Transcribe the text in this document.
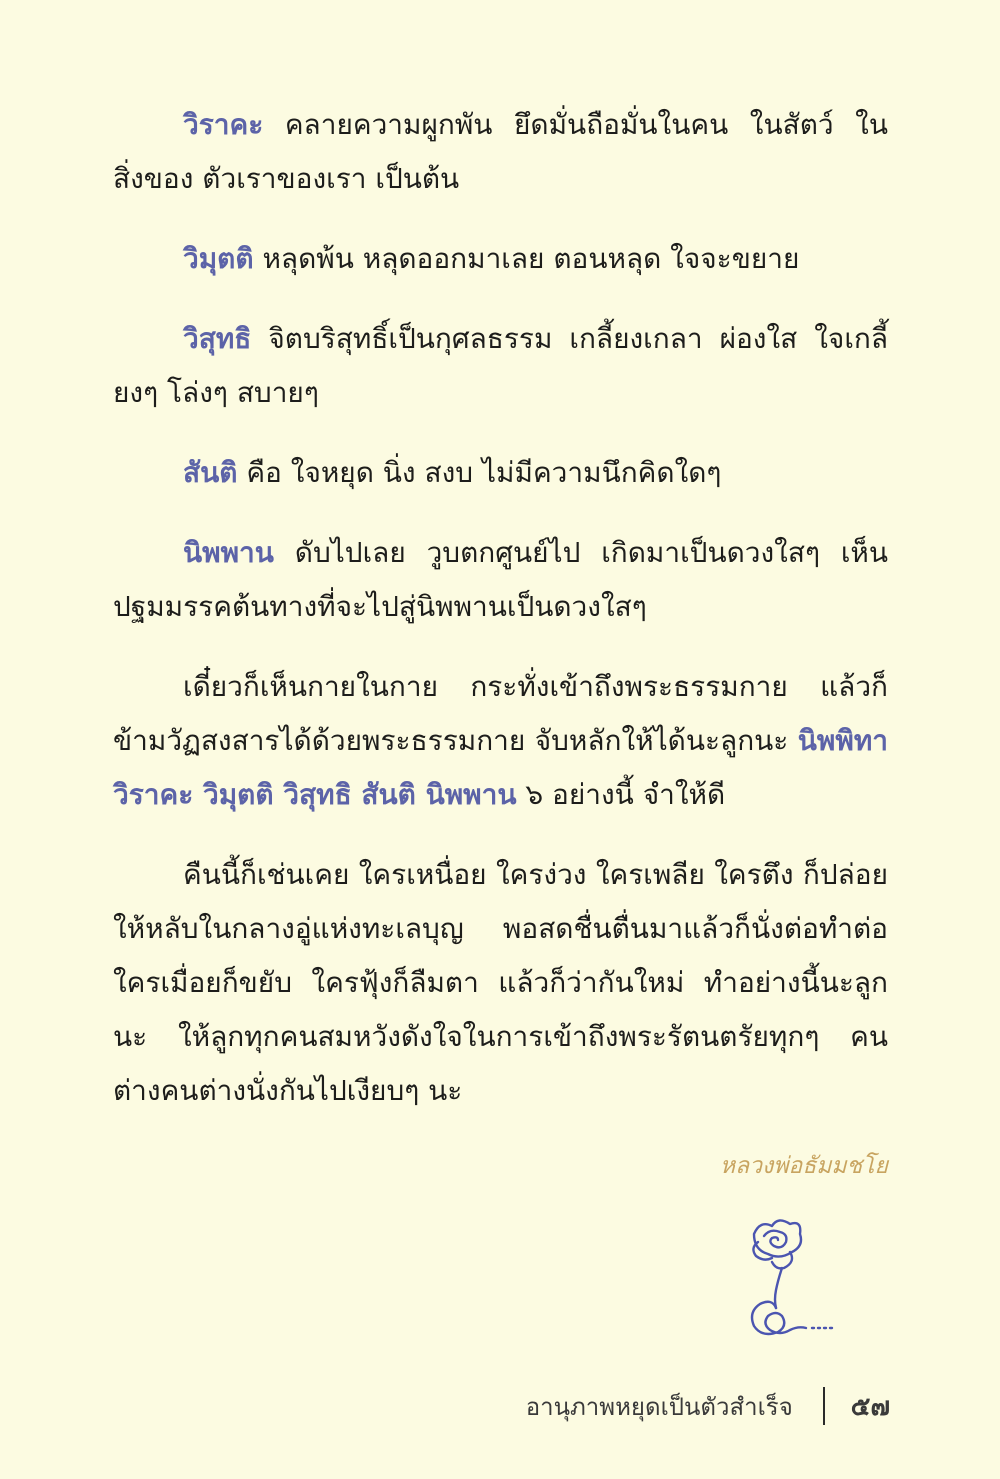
วิราคะ คลายความผูกพัน ยึดมั่นถือมั่นในคน ในสัตว์ ในสิ่งของ ตัวเราของเรา เป็นต้น

วิมุตติ หลุดพ้น หลุดออกมาเลย ตอนหลุด ใจจะขยาย

วิสุทธิ จิตบริสุทธิ์เป็นกุศลธรรม เกลี้ยงเกลา ผ่องใส ใจเกลี้ยงๆ โล่งๆ สบายๆ

สันติ คือ ใจหยุด นิ่ง สงบ ไม่มีความนึกคิดใดๆ

นิพพาน ดับไปเลย วูบตกศูนย์ไป เกิดมาเป็นดวงใสๆ เห็นปฐมมรรคต้นทางที่จะไปสู่นิพพานเป็นดวงใสๆ

เดี๋ยวก็เห็นกายในกาย กระทั่งเข้าถึงพระธรรมกาย แล้วก็ข้ามวัฏสงสารได้ด้วยพระธรรมกาย จับหลักให้ได้นะลูกนะ นิพพิทา วิราคะ วิมุตติ วิสุทธิ สันติ นิพพาน ๖ อย่างนี้ จำให้ดี

คืนนี้ก็เช่นเคย ใครเหนื่อย ใครง่วง ใครเพลีย ใครตึง ก็ปล่อยให้หลับในกลางอู่แห่งทะเลบุญ พอสดชื่นตื่นมาแล้วก็นั่งต่อทำต่อ ใครเมื่อยก็ขยับ ใครฟุ้งก็ลืมตา แล้วก็ว่ากันใหม่ ทำอย่างนี้นะลูกนะ ให้ลูกทุกคนสมหวังดังใจในการเข้าถึงพระรัตนตรัยทุกๆ คน ต่างคนต่างนั่งกันไปเงียบๆ นะ

หลวงพ่อธัมมชโย
อานุภาพหยุดเป็นตัวสำเร็จ ๕๗
